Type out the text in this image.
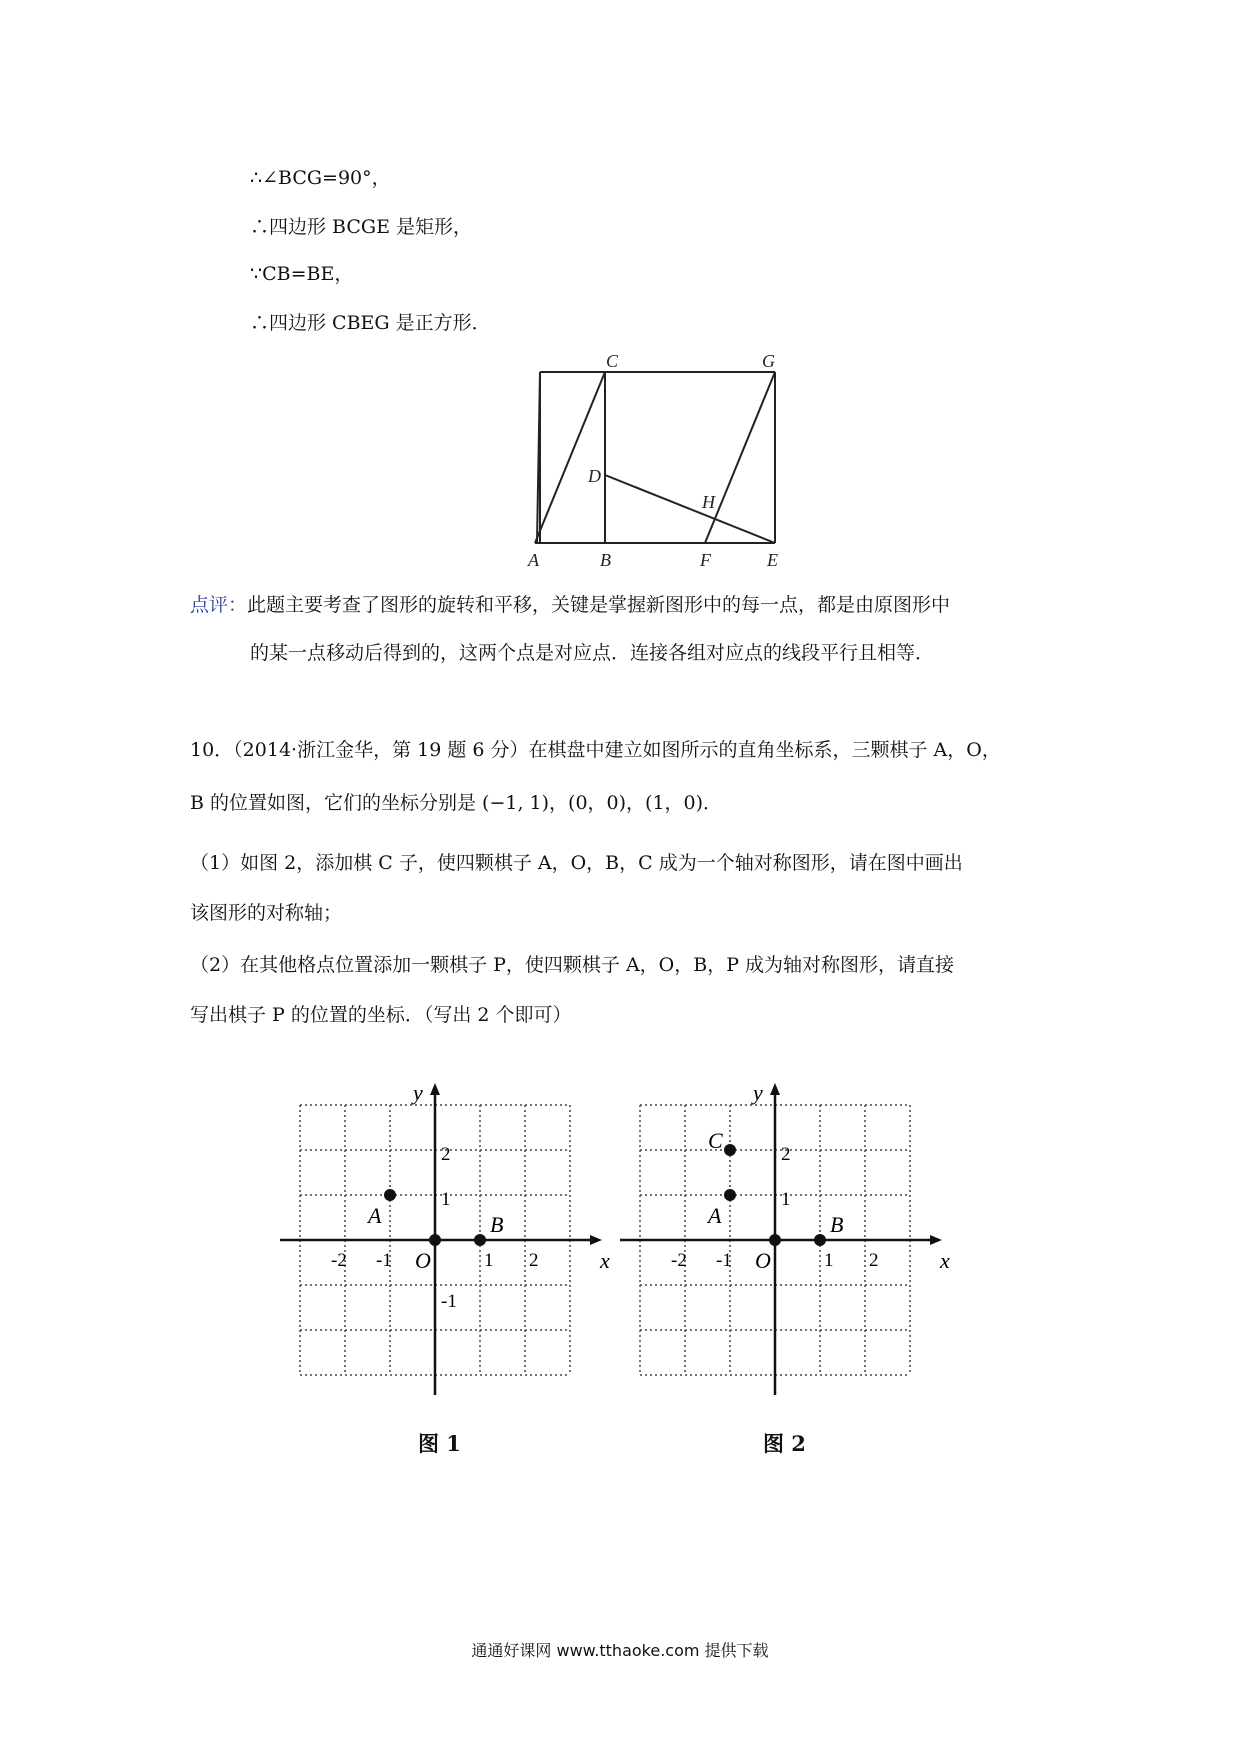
∴∠BCG=90°，
∴四边形 BCGE 是矩形，
∵CB=BE，
∴四边形 CBEG 是正方形．
C	G
D
H
A	B	F	E
点评：此题主要考查了图形的旋转和平移，关键是掌握新图形中的每一点，都是由原图形中
的某一点移动后得到的，这两个点是对应点．连接各组对应点的线段平行且相等．
10．（2014·浙江金华，第 19 题 6 分）在棋盘中建立如图所示的直角坐标系，三颗棋子 A，O，
B 的位置如图，它们的坐标分别是 (−1, 1)，(0，0)，(1，0)．
（1）如图 2，添加棋 C 子，使四颗棋子 A，O，B，C 成为一个轴对称图形，请在图中画出
该图形的对称轴；
（2）在其他格点位置添加一颗棋子 P，使四颗棋子 A，O，B，P 成为轴对称图形，请直接
写出棋子 P 的位置的坐标．（写出 2 个即可）
x
y
O
-2 -1	1 2
2
1
-1
A	B
图 1
x
y
O
-2 -1	1 2
2
1
C
A	B
图 2
通通好课网 www.tthaoke.com 提供下载
